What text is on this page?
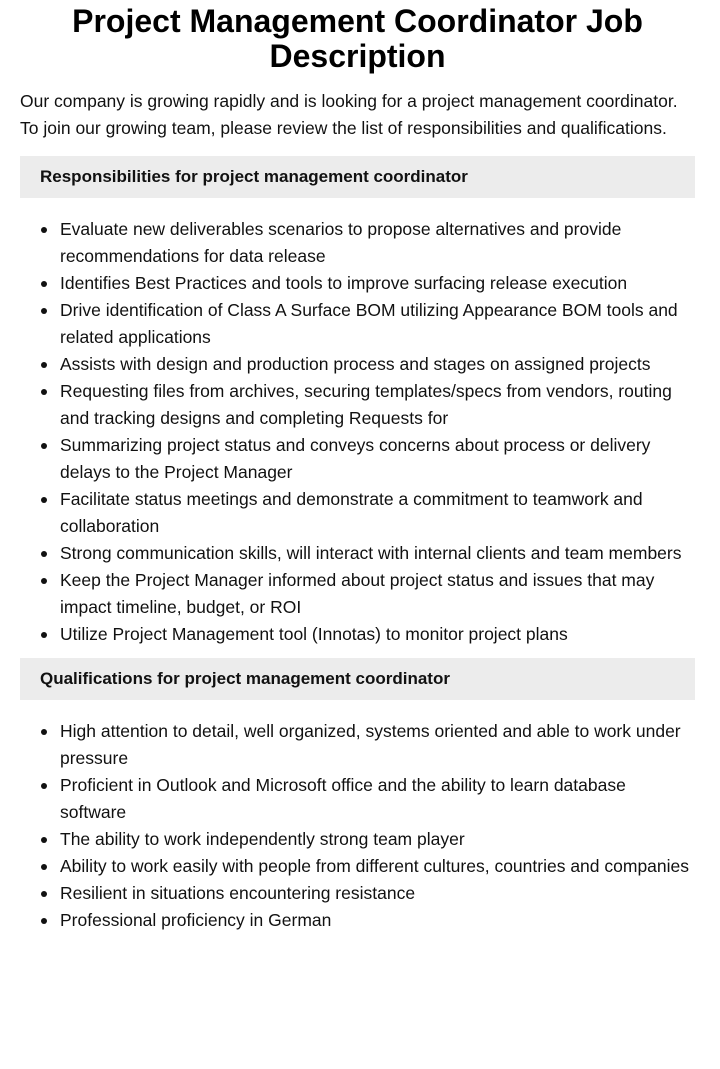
Project Management Coordinator Job Description

Our company is growing rapidly and is looking for a project management coordinator. To join our growing team, please review the list of responsibilities and qualifications.

Responsibilities for project management coordinator
Evaluate new deliverables scenarios to propose alternatives and provide recommendations for data release
Identifies Best Practices and tools to improve surfacing release execution
Drive identification of Class A Surface BOM utilizing Appearance BOM tools and related applications
Assists with design and production process and stages on assigned projects
Requesting files from archives, securing templates/specs from vendors, routing and tracking designs and completing Requests for
Summarizing project status and conveys concerns about process or delivery delays to the Project Manager
Facilitate status meetings and demonstrate a commitment to teamwork and collaboration
Strong communication skills, will interact with internal clients and team members
Keep the Project Manager informed about project status and issues that may impact timeline, budget, or ROI
Utilize Project Management tool (Innotas) to monitor project plans
Qualifications for project management coordinator
High attention to detail, well organized, systems oriented and able to work under pressure
Proficient in Outlook and Microsoft office and the ability to learn database software
The ability to work independently strong team player
Ability to work easily with people from different cultures, countries and companies
Resilient in situations encountering resistance
Professional proficiency in German
